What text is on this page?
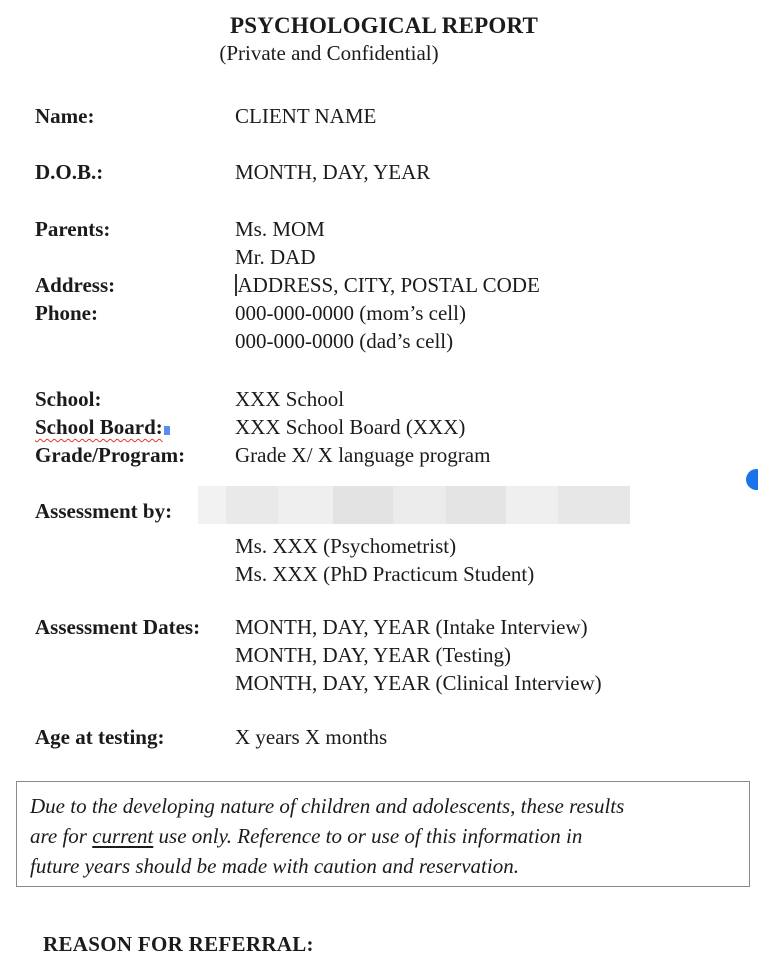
PSYCHOLOGICAL REPORT
(Private and Confidential)
Name:	CLIENT NAME
D.O.B.:	MONTH, DAY, YEAR
Parents:	Ms. MOM
Mr. DAD
Address:	ADDRESS, CITY, POSTAL CODE
Phone:	000-000-0000 (mom’s cell)
000-000-0000 (dad’s cell)
School:	XXX School
School Board:	XXX School Board (XXX)
Grade/Program:	Grade X/ X language program
Assessment by:
Ms. XXX (Psychometrist)
Ms. XXX (PhD Practicum Student)
Assessment Dates:	MONTH, DAY, YEAR (Intake Interview)
MONTH, DAY, YEAR (Testing)
MONTH, DAY, YEAR (Clinical Interview)
Age at testing:	X years X months
Due to the developing nature of children and adolescents, these results
are for current use only. Reference to or use of this information in
future years should be made with caution and reservation.
REASON FOR REFERRAL:
